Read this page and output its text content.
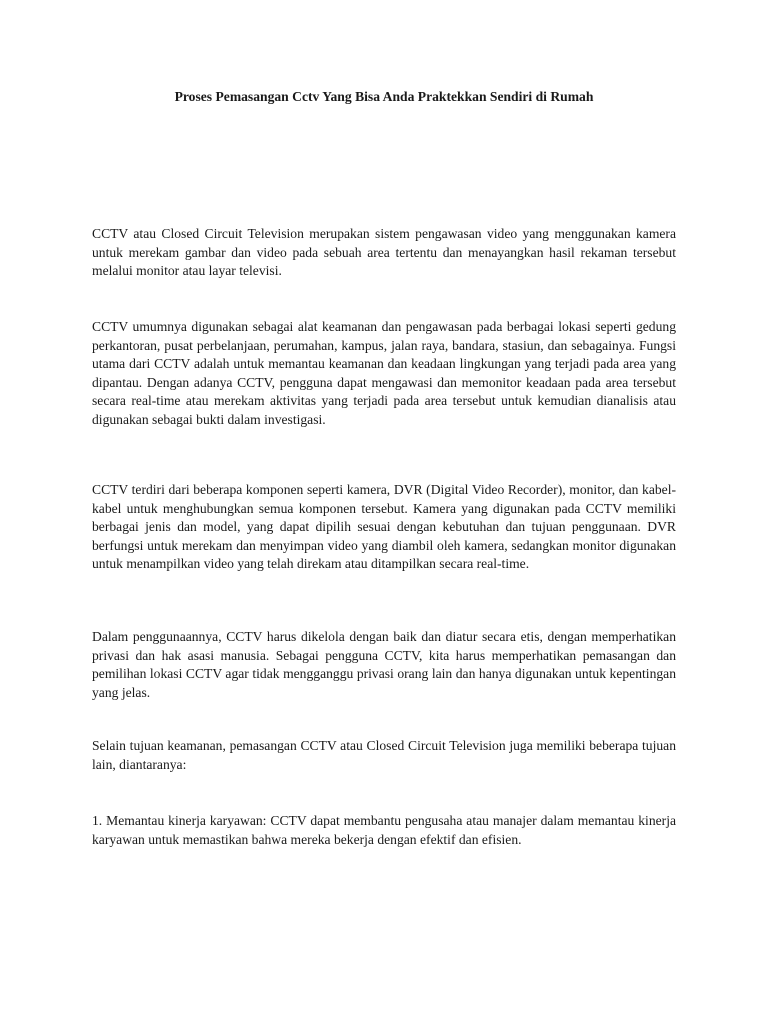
Proses Pemasangan Cctv Yang Bisa Anda Praktekkan Sendiri di Rumah

CCTV atau Closed Circuit Television merupakan sistem pengawasan video yang menggunakan kamera untuk merekam gambar dan video pada sebuah area tertentu dan menayangkan hasil rekaman tersebut melalui monitor atau layar televisi.

CCTV umumnya digunakan sebagai alat keamanan dan pengawasan pada berbagai lokasi seperti gedung perkantoran, pusat perbelanjaan, perumahan, kampus, jalan raya, bandara, stasiun, dan sebagainya. Fungsi utama dari CCTV adalah untuk memantau keamanan dan keadaan lingkungan yang terjadi pada area yang dipantau. Dengan adanya CCTV, pengguna dapat mengawasi dan memonitor keadaan pada area tersebut secara real-time atau merekam aktivitas yang terjadi pada area tersebut untuk kemudian dianalisis atau digunakan sebagai bukti dalam investigasi.

CCTV terdiri dari beberapa komponen seperti kamera, DVR (Digital Video Recorder), monitor, dan kabel-kabel untuk menghubungkan semua komponen tersebut. Kamera yang digunakan pada CCTV memiliki berbagai jenis dan model, yang dapat dipilih sesuai dengan kebutuhan dan tujuan penggunaan. DVR berfungsi untuk merekam dan menyimpan video yang diambil oleh kamera, sedangkan monitor digunakan untuk menampilkan video yang telah direkam atau ditampilkan secara real-time.

Dalam penggunaannya, CCTV harus dikelola dengan baik dan diatur secara etis, dengan memperhatikan privasi dan hak asasi manusia. Sebagai pengguna CCTV, kita harus memperhatikan pemasangan dan pemilihan lokasi CCTV agar tidak mengganggu privasi orang lain dan hanya digunakan untuk kepentingan yang jelas.

Selain tujuan keamanan, pemasangan CCTV atau Closed Circuit Television juga memiliki beberapa tujuan lain, diantaranya:

1. Memantau kinerja karyawan: CCTV dapat membantu pengusaha atau manajer dalam memantau kinerja karyawan untuk memastikan bahwa mereka bekerja dengan efektif dan efisien.
